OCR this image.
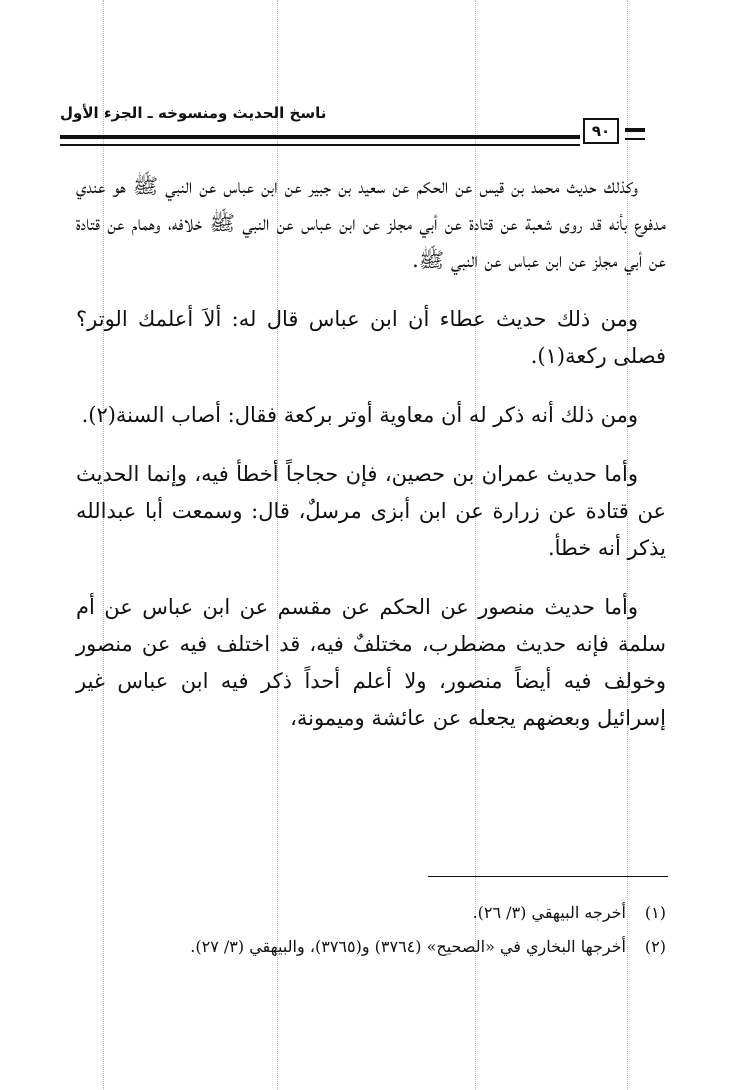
ناسخ الحديث ومنسوخه ـ الجزء الأول
٩٠

وكذلك حديث محمد بن قيس عن الحكم عن سعيد بن جبير عن ابن عباس عن النبي ﷺ هو عندي مدفوع بأنه قد روى شعبة عن قتادة عن أبي مجلز عن ابن عباس عن النبي ﷺ خلافه، وهمام عن قتادة عن أبي مجلز عن ابن عباس عن النبي ﷺ.

ومن ذلك حديث عطاء أن ابن عباس قال له: ألاَ أعلمك الوتر؟ فصلى ركعة(١).

ومن ذلك أنه ذكر له أن معاوية أوتر بركعة فقال: أصاب السنة(٢).

وأما حديث عمران بن حصين، فإن حجاجاً أخطأ فيه، وإنما الحديث عن قتادة عن زرارة عن ابن أبزى مرسلٌ، قال: وسمعت أبا عبدالله يذكر أنه خطأ.

وأما حديث منصور عن الحكم عن مقسم عن ابن عباس عن أم سلمة فإنه حديث مضطرب، مختلفٌ فيه، قد اختلف فيه عن منصور وخولف فيه أيضاً منصور، ولا أعلم أحداً ذكر فيه ابن عباس غير إسرائيل وبعضهم يجعله عن عائشة وميمونة،

(١)
أخرجه البيهقي (٣/ ٢٦).
(٢)
أخرجها البخاري في «الصحيح» (٣٧٦٤) و(٣٧٦٥)، والبيهقي (٣/ ٢٧).
